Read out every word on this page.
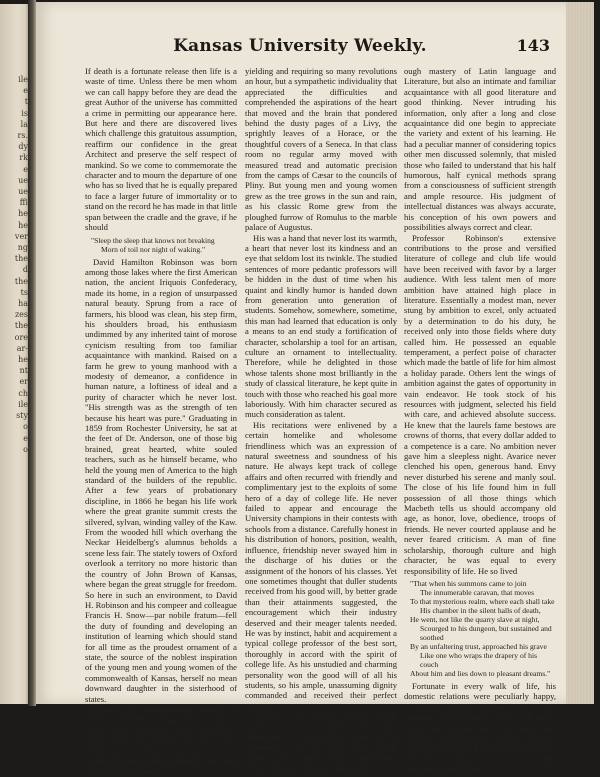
ile
e
t
is
la
rs.
dy
rk
e
ue
ue
ffi
he
he
ver
ng
the
d
the
ts
ha
zes
the
ore
ar-
he
nt
er
ch
ile
sty
o
e
o
Kansas University Weekly.	143

If death is a fortunate release then life is a waste of time. Unless there be men whom we can call happy before they are dead the great Author of the universe has committed a crime in permitting our appearance here. But here and there are discovered lives which challenge this gratuitous assumption, reaffirm our confidence in the great Architect and preserve the self respect of mankind. So we come to commemorate the character and to mourn the departure of one who has so lived that he is equally prepared to face a larger future of immortality or to stand on the record he has made in that little span between the cradle and the grave, if he should

"Sleep the sleep that knows not breaking
Morn of toil nor night of waking."

David Hamilton Robinson was born among those lakes where the first American nation, the ancient Iriquois Confederacy, made its home, in a region of unsurpassed natural beauty. Sprung from a race of farmers, his blood was clean, his step firm, his shoulders broad, his enthusiasm undimmed by any inherited taint of morose cynicism resulting from too familiar acquaintance with mankind. Raised on a farm he grew to young manhood with a modesty of demeanor, a confidence in human nature, a loftiness of ideal and a purity of character which he never lost. "His strength was as the strength of ten because his heart was pure." Graduating in 1859 from Rochester University, he sat at the feet of Dr. Anderson, one of those big brained, great hearted, white souled teachers, such as he himself became, who held the young men of America to the high standard of the builders of the republic. After a few years of probationary discipline, in 1866 he began his life work where the great granite summit crests the silvered, sylvan, winding valley of the Kaw. From the wooded hill which overhang the Neckar Heidelberg's alumnus beholds a scene less fair. The stately towers of Oxford overlook a territory no more historic than the country of John Brown of Kansas, where began the great struggle for freedom. So here in such an environment, to David H. Robinson and his compeer and colleague Francis H. Snow—par nobile fratum—fell the duty of founding and developing an institution of learning which should stand for all time as the proudest ornament of a state, the source of the noblest inspiration of the young men and young women of the commonwealth of Kansas, herself no mean downward daughter in the sisterhood of states.

Perhaps the distinguishing feature of Professor Robinson's character was that he never lost his personality in his profession, never sunk the teacher in the mere instructor, was always a man and never a pedant. The eager student found in his chair no puiseless machine,

yielding and requiring so many revolutions an hour, but a sympathetic individuality that appreciated the difficulties and comprehended the aspirations of the heart that moved and the brain that pondered behind the dusty pages of a Livy, the sprightly leaves of a Horace, or the thoughtful covers of a Seneca. In that class room no regular army moved with measured tread and automatic precision from the camps of Cæsar to the councils of Pliny. But young men and young women grew as the tree grows in the sun and rain, as his classic Rome grew from the ploughed furrow of Romulus to the marble palace of Augustus.

His was a hand that never lost its warmth, a heart that never lost its kindness and an eye that seldom lost its twinkle. The studied sentences of more pedantic professors will be hidden in the dust of time when his quaint and kindly humor is handed down from generation unto generation of students. Somehow, somewhere, sometime, this man had learned that education is only a means to an end study a fortification of character, scholarship a tool for an artisan, culture an ornament to intellectuality. Therefore, while he delighted in those whose talents shone most brilliantly in the study of classical literature, he kept quite in touch with those who reached his goal more laboriously. With him character secured as much consideration as talent.

His recitations were enlivened by a certain homelike and wholesome friendliness which was an expression of natural sweetness and soundness of his nature. He always kept track of college affairs and often recurred with friendly and complimentary jest to the exploits of some hero of a day of college life. He never failed to appear and encourage the University champions in their contests with schools from a distance. Carefully honest in his distribution of honors, position, wealth, influence, friendship never swayed him in the discharge of his duties or the assignment of the honors of his classes. Yet one sometimes thought that duller students received from his good will, by better grade than their attainments suggested, the encouragement which their industry deserved and their meager talents needed. He was by instinct, habit and acquirement a typical college professor of the best sort, thoroughly in accord with the spirit of college life. As his unstudied and charming personality won the good will of all his students, so his ample, unassuming dignity commanded and received their perfect respect.

Modest in his thinking, retiring in his habits, the general public seldom had opportunity to realize the scope of his attainments, and the high order of his talents. His careful and cosmopolitan scholarship not only gave him a thor-

ough mastery of Latin language and Literature, but also an intimate and familiar acquaintance with all good literature and good thinking. Never intruding his information, only after a long and close acquaintance did one begin to appreciate the variety and extent of his learning. He had a peculiar manner of considering topics other men discussed solemnly, that misled those who failed to understand that his half humorous, half cynical methods sprang from a consciousness of sufficient strength and ample resource. His judgment of intellectual distances was always accurate, his conception of his own powers and possibilities always correct and clear.

Professor Robinson's extensive contributions to the prose and versified literature of college and club life would have been received with favor by a larger audience. With less talent men of more ambition have attained high place in literature. Essentially a modest man, never stung by ambition to excel, only actuated by a determination to do his duty, he received only into those fields where duty called him. He possessed an equable temperament, a perfect poise of character which made the battle of life for him almost a holiday parade. Others lent the wings of ambition against the gates of opportunity in vain endeavor. He took stock of his resources with judgment, selected his field with care, and achieved absolute success. He knew that the laurels fame bestows are crowns of thorns, that every dollar added to a competence is a care. No ambition never gave him a sleepless night. Avarice never clenched his open, generous hand. Envy never disturbed his serene and manly soul. The close of his life found him in full possession of all those things which Macbeth tells us should accompany old age, as honor, love, obedience, troops of friends. He never courted applause and he never feared criticism. A man of fine scholarship, thorough culture and high character, he was equal to every responsibility of life. He so lived

"That when his summons came to join
The innumerable caravan, that moves
To that mysterious realm, where each shall take
His chamber in the silent halls of death,
He went, not like the quarry slave at night,
Scourged to his dungeon, but sustained and soothed
By an unfaltering trust, approached his grave
Like one who wraps the drapery of his couch
About him and lies down to pleasant dreams."

Fortunate in every walk of life, his domestic relations were peculiarly happy, as those favored students who were admitted to his home circle well know. There they learned the "true pathos and sublimity of human life." Twenty-six years ago he married in a Kansas village as sweet and noble a woman as ever lived "on this bank and shoal of time."
